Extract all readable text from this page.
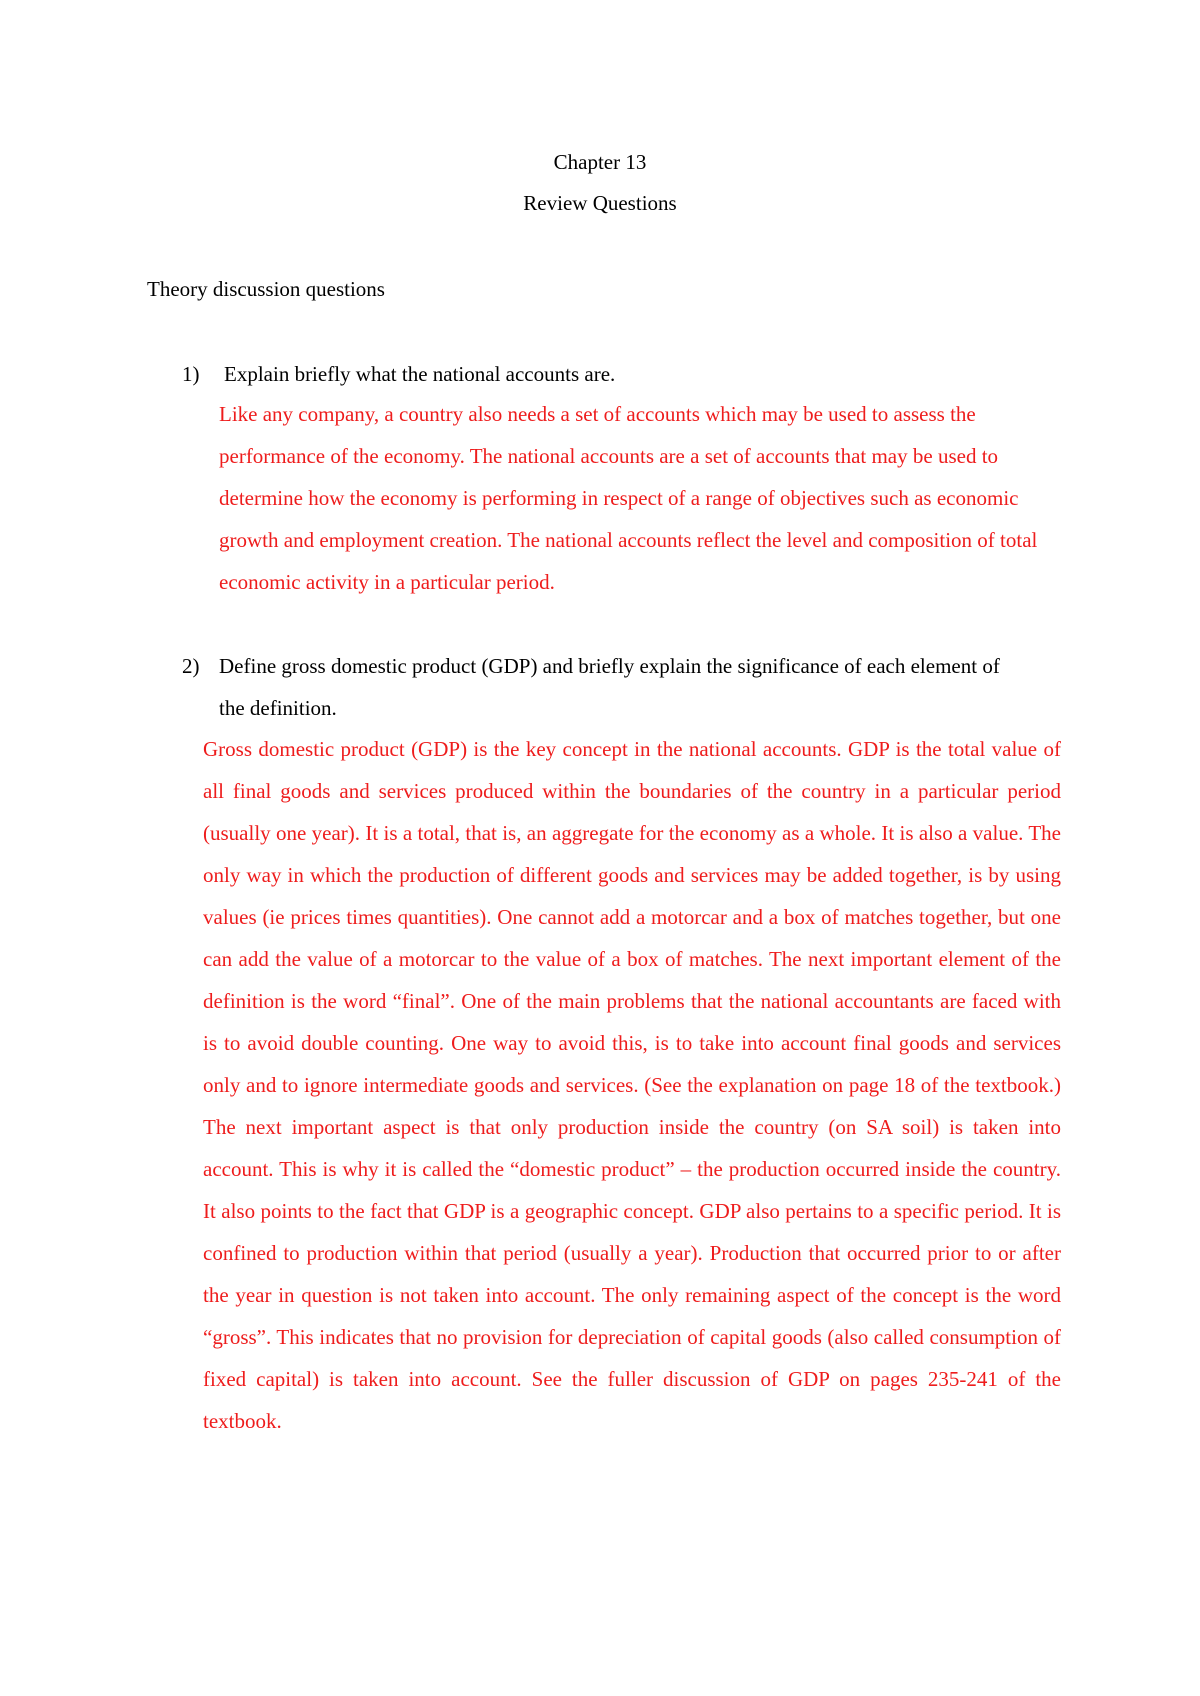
Chapter 13
Review Questions
Theory discussion questions
1) Explain briefly what the national accounts are.

Like any company, a country also needs a set of accounts which may be used to assess the performance of the economy. The national accounts are a set of accounts that may be used to determine how the economy is performing in respect of a range of objectives such as economic growth and employment creation. The national accounts reflect the level and composition of total economic activity in a particular period.

2) Define gross domestic product (GDP) and briefly explain the significance of each element of the definition.

Gross domestic product (GDP) is the key concept in the national accounts. GDP is the total value of all final goods and services produced within the boundaries of the country in a particular period (usually one year). It is a total, that is, an aggregate for the economy as a whole. It is also a value. The only way in which the production of different goods and services may be added together, is by using values (ie prices times quantities). One cannot add a motorcar and a box of matches together, but one can add the value of a motorcar to the value of a box of matches. The next important element of the definition is the word “final”. One of the main problems that the national accountants are faced with is to avoid double counting. One way to avoid this, is to take into account final goods and services only and to ignore intermediate goods and services. (See the explanation on page 18 of the textbook.) The next important aspect is that only production inside the country (on SA soil) is taken into account. This is why it is called the “domestic product” – the production occurred inside the country. It also points to the fact that GDP is a geographic concept. GDP also pertains to a specific period. It is confined to production within that period (usually a year). Production that occurred prior to or after the year in question is not taken into account. The only remaining aspect of the concept is the word “gross”. This indicates that no provision for depreciation of capital goods (also called consumption of fixed capital) is taken into account. See the fuller discussion of GDP on pages 235-241 of the textbook.
